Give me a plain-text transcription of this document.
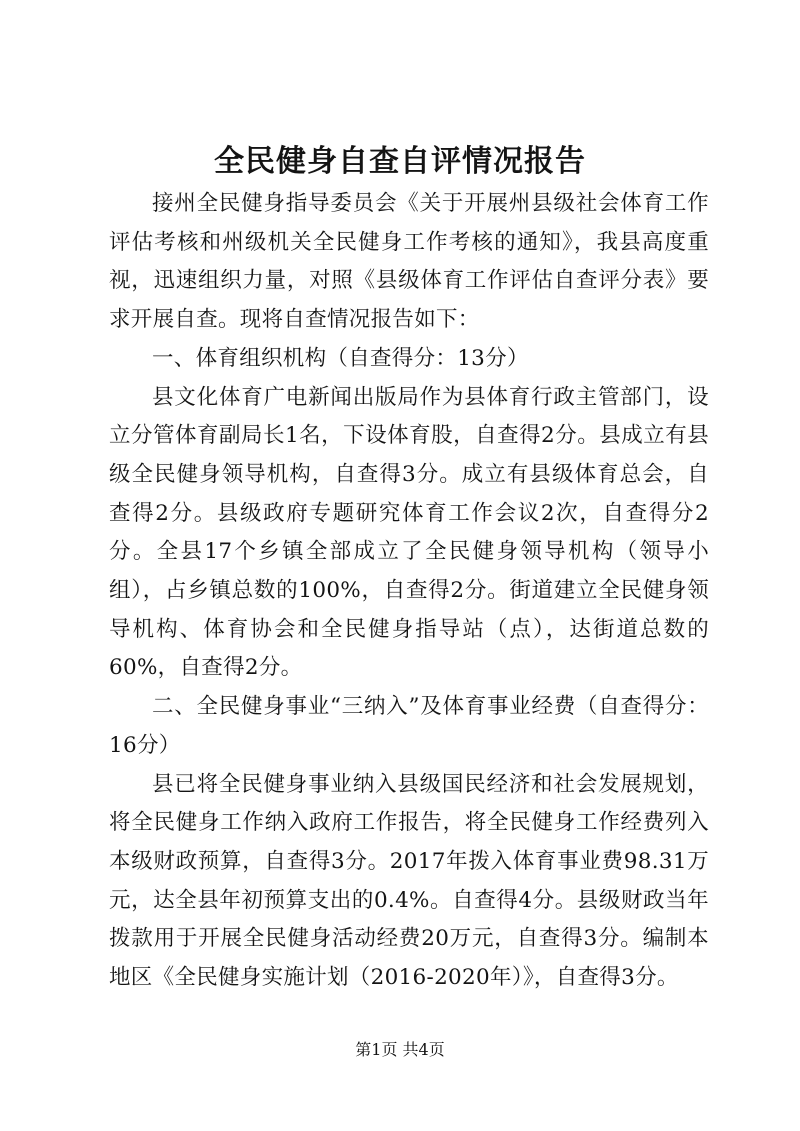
全民健身自查自评情况报告

接州全民健身指导委员会《关于开展州县级社会体育工作评估考核和州级机关全民健身工作考核的通知》，我县高度重视，迅速组织力量，对照《县级体育工作评估自查评分表》要求开展自查。现将自查情况报告如下：

一、体育组织机构（自查得分：13分）

县文化体育广电新闻出版局作为县体育行政主管部门，设立分管体育副局长1名，下设体育股，自查得2分。县成立有县级全民健身领导机构，自查得3分。成立有县级体育总会，自查得2分。县级政府专题研究体育工作会议2次，自查得分2分。全县17个乡镇全部成立了全民健身领导机构（领导小组），占乡镇总数的100%，自查得2分。街道建立全民健身领导机构、体育协会和全民健身指导站（点），达街道总数的60%，自查得2分。

二、全民健身事业“三纳入”及体育事业经费（自查得分：16分）

县已将全民健身事业纳入县级国民经济和社会发展规划，将全民健身工作纳入政府工作报告，将全民健身工作经费列入本级财政预算，自查得3分。2017年拨入体育事业费98.31万元，达全县年初预算支出的0.4%。自查得4分。县级财政当年拨款用于开展全民健身活动经费20万元，自查得3分。编制本地区《全民健身实施计划（2016-2020年）》，自查得3分。

第1页 共4页
